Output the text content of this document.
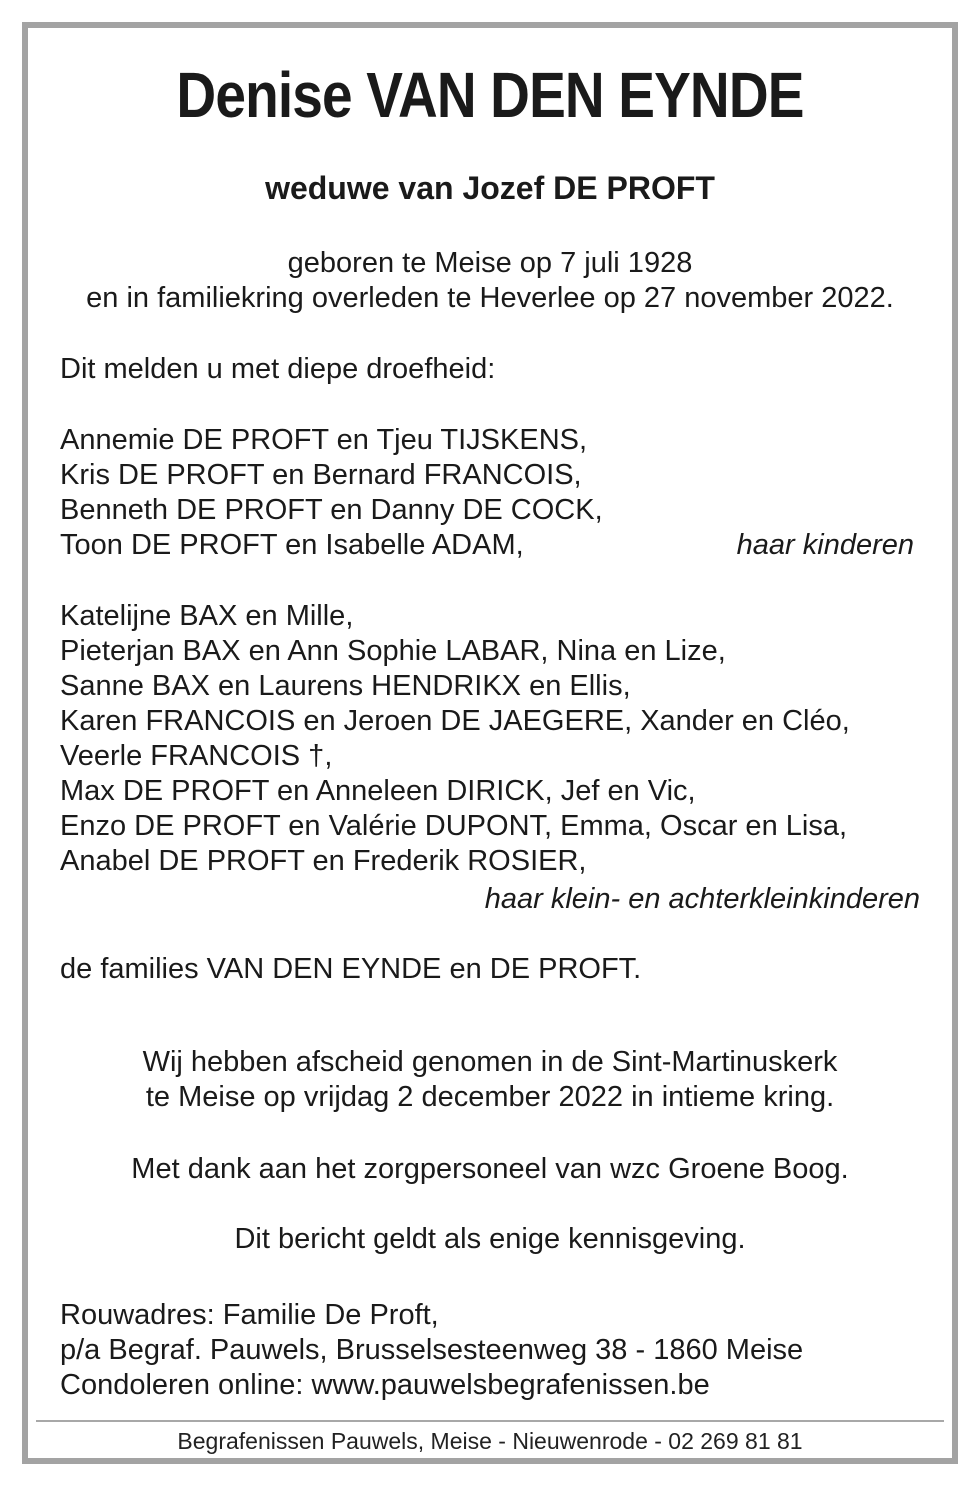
Denise VAN DEN EYNDE

weduwe van Jozef DE PROFT

geboren te Meise op 7 juli 1928
en in familiekring overleden te Heverlee op 27 november 2022.

Dit melden u met diepe droefheid:

Annemie DE PROFT en Tjeu TIJSKENS,
Kris DE PROFT en Bernard FRANCOIS,
Benneth DE PROFT en Danny DE COCK,
Toon DE PROFT en Isabelle ADAM,	haar kinderen
Katelijne BAX en Mille,
Pieterjan BAX en Ann Sophie LABAR, Nina en Lize,
Sanne BAX en Laurens HENDRIKX en Ellis,
Karen FRANCOIS en Jeroen DE JAEGERE, Xander en Cléo,
Veerle FRANCOIS †,
Max DE PROFT en Anneleen DIRICK, Jef en Vic,
Enzo DE PROFT en Valérie DUPONT, Emma, Oscar en Lisa,
Anabel DE PROFT en Frederik ROSIER,
haar klein- en achterkleinkinderen

de families VAN DEN EYNDE en DE PROFT.

Wij hebben afscheid genomen in de Sint-Martinuskerk
te Meise op vrijdag 2 december 2022 in intieme kring.

Met dank aan het zorgpersoneel van wzc Groene Boog.

Dit bericht geldt als enige kennisgeving.

Rouwadres: Familie De Proft,
p/a Begraf. Pauwels, Brusselsesteenweg 38 - 1860 Meise
Condoleren online: www.pauwelsbegrafenissen.be

Begrafenissen Pauwels, Meise - Nieuwenrode - 02 269 81 81
